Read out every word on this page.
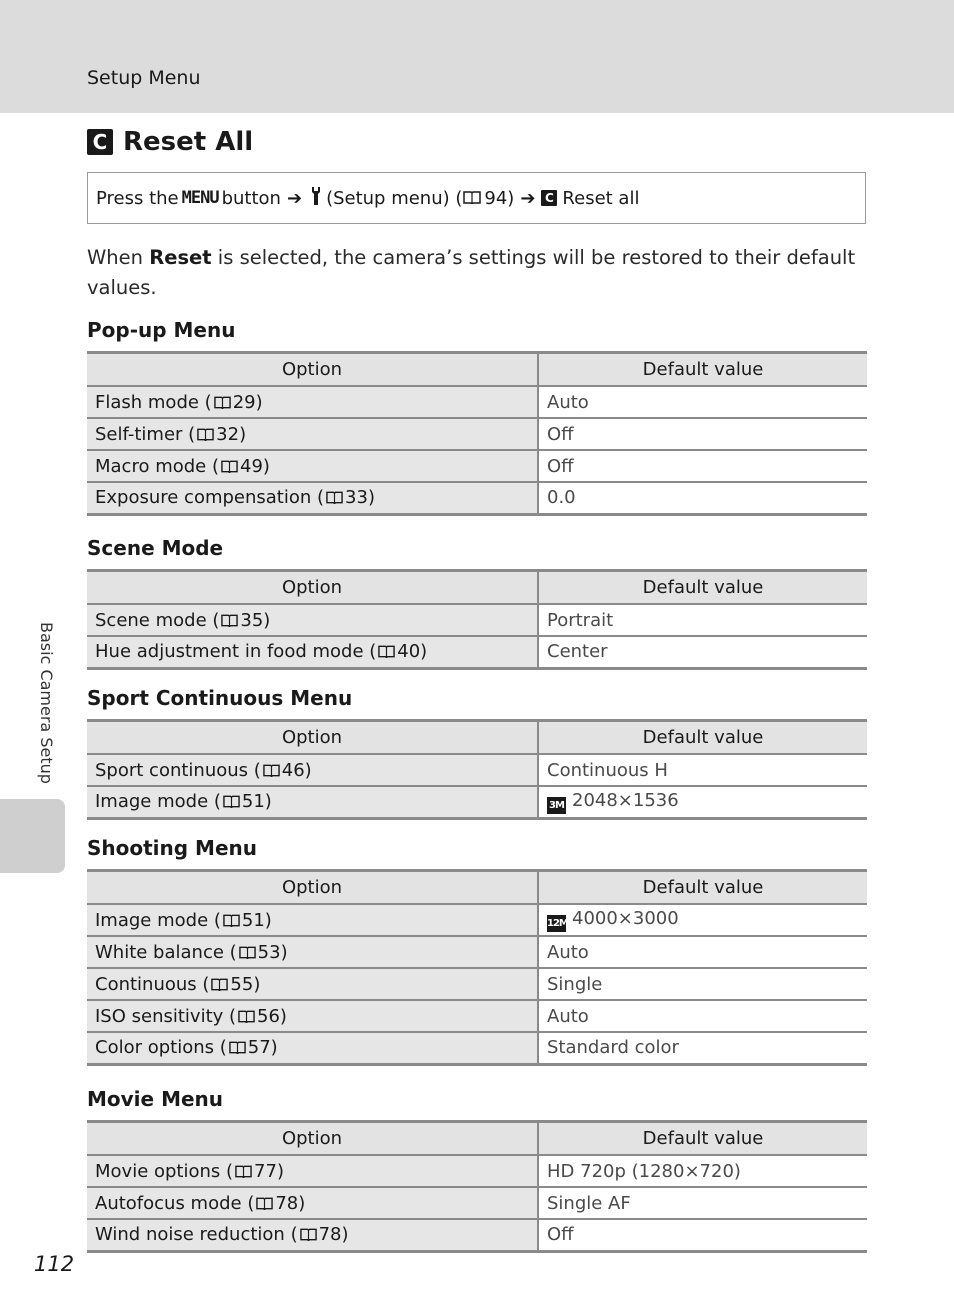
Setup Menu
C Reset All
Press the MENU button ➔ (Setup menu) ( 94) ➔ C Reset all
When Reset is selected, the camera’s settings will be restored to their default values.
Pop-up Menu
Option	Default value
Flash mode ( 29)	Auto
Self-timer ( 32)	Off
Macro mode ( 49)	Off
Exposure compensation ( 33)	0.0
Scene Mode
Option	Default value
Scene mode ( 35)	Portrait
Hue adjustment in food mode ( 40)	Center
Sport Continuous Menu
Option	Default value
Sport continuous ( 46)	Continuous H
Image mode ( 51)	3M 2048×1536
Shooting Menu
Option	Default value
Image mode ( 51)	12M 4000×3000
White balance ( 53)	Auto
Continuous ( 55)	Single
ISO sensitivity ( 56)	Auto
Color options ( 57)	Standard color
Movie Menu
Option	Default value
Movie options ( 77)	HD 720p (1280×720)
Autofocus mode ( 78)	Single AF
Wind noise reduction ( 78)	Off
Basic Camera Setup
112
